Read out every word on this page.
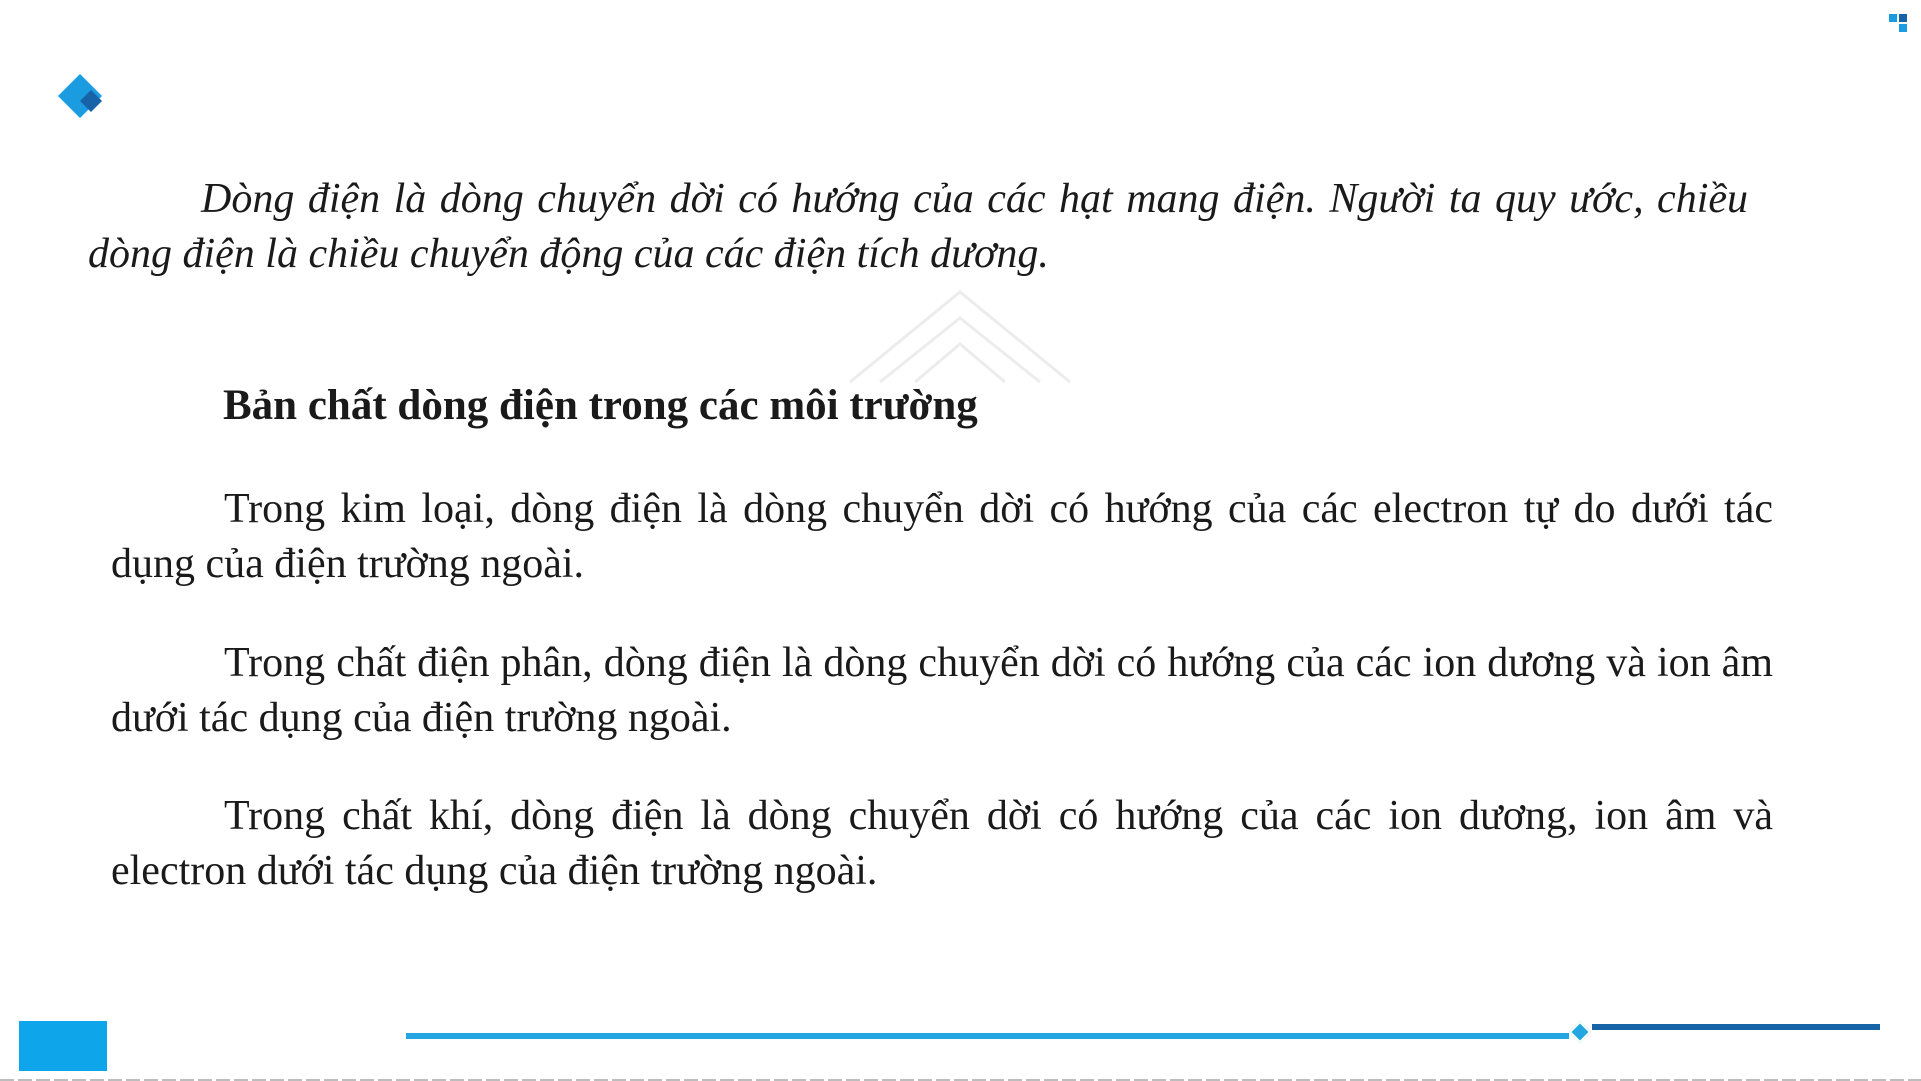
Dòng điện là dòng chuyển dời có hướng của các hạt mang điện. Người ta quy ước, chiều dòng điện là chiều chuyển động của các điện tích dương.

Bản chất dòng điện trong các môi trường

Trong kim loại, dòng điện là dòng chuyển dời có hướng của các electron tự do dưới tác dụng của điện trường ngoài.

Trong chất điện phân, dòng điện là dòng chuyển dời có hướng của các ion dương và ion âm dưới tác dụng của điện trường ngoài.

Trong chất khí, dòng điện là dòng chuyển dời có hướng của các ion dương, ion âm và electron dưới tác dụng của điện trường ngoài.
